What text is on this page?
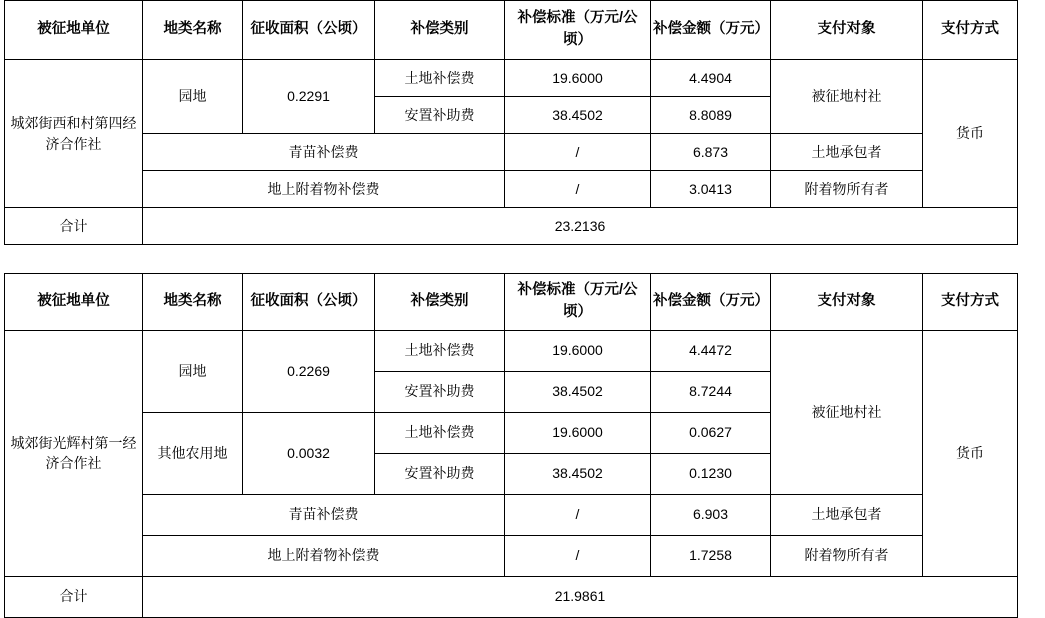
被征地单位	地类名称	征收面积（公顷）	补偿类别	补偿标准（万元/公顷）	补偿金额（万元）	支付对象	支付方式
城郊街西和村第四经济合作社	园地	0.2291	土地补偿费	19.6000	4.4904	被征地村社	货币
			安置补助费	38.4502	8.8089		
	青苗补偿费			/	6.873	土地承包者	
	地上附着物补偿费			/	3.0413	附着物所有者	
合计	23.2136						
被征地单位	地类名称	征收面积（公顷）	补偿类别	补偿标准（万元/公顷）	补偿金额（万元）	支付对象	支付方式
城郊街光辉村第一经济合作社	园地	0.2269	土地补偿费	19.6000	4.4472	被征地村社	货币
			安置补助费	38.4502	8.7244		
	其他农用地	0.0032	土地补偿费	19.6000	0.0627		
			安置补助费	38.4502	0.1230		
	青苗补偿费			/	6.903	土地承包者	
	地上附着物补偿费			/	1.7258	附着物所有者	
合计	21.9861						
